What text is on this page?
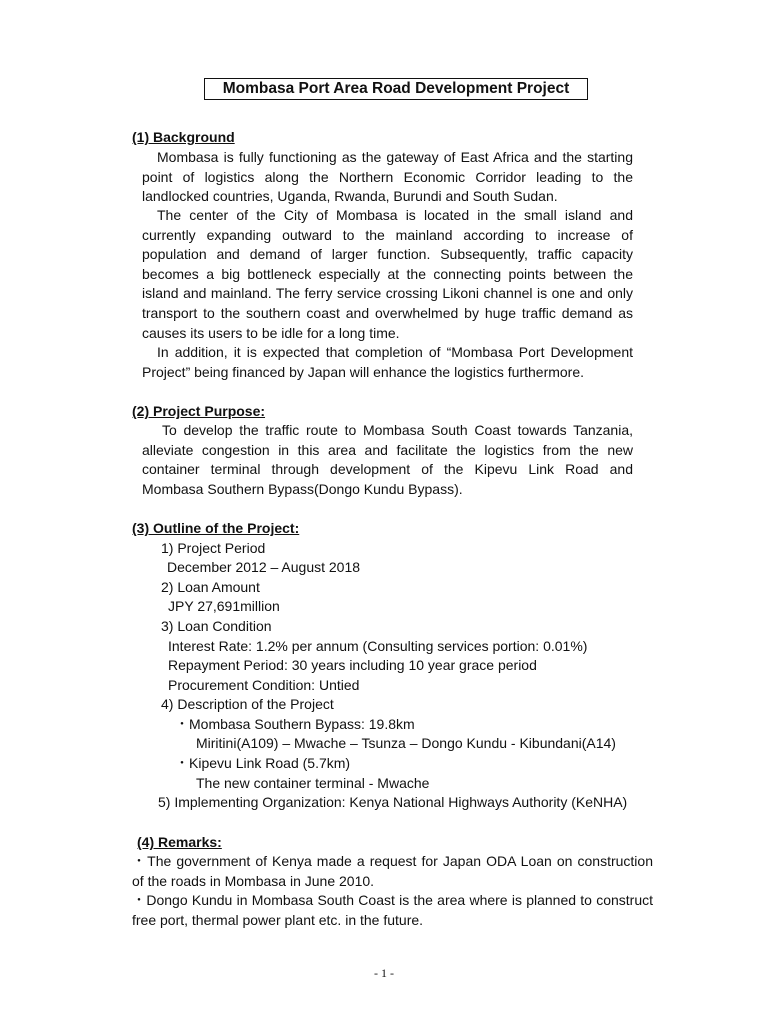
Mombasa Port Area Road Development Project
(1) Background

Mombasa is fully functioning as the gateway of East Africa and the starting point of logistics along the Northern Economic Corridor leading to the landlocked countries, Uganda, Rwanda, Burundi and South Sudan.

The center of the City of Mombasa is located in the small island and currently expanding outward to the mainland according to increase of population and demand of larger function. Subsequently, traffic capacity becomes a big bottleneck especially at the connecting points between the island and mainland. The ferry service crossing Likoni channel is one and only transport to the southern coast and overwhelmed by huge traffic demand as causes its users to be idle for a long time.

In addition, it is expected that completion of “Mombasa Port Development Project” being financed by Japan will enhance the logistics furthermore.

(2) Project Purpose:

To develop the traffic route to Mombasa South Coast towards Tanzania, alleviate congestion in this area and facilitate the logistics from the new container terminal through development of the Kipevu Link Road and Mombasa Southern Bypass(Dongo Kundu Bypass).

(3) Outline of the Project:
1) Project Period
December 2012 – August 2018
2) Loan Amount
JPY 27,691million
3) Loan Condition
Interest Rate: 1.2% per annum (Consulting services portion: 0.01%)
Repayment Period: 30 years including 10 year grace period
Procurement Condition: Untied
4) Description of the Project
・Mombasa Southern Bypass: 19.8km
Miritini(A109) – Mwache – Tsunza – Dongo Kundu - Kibundani(A14)
・Kipevu Link Road (5.7km)
The new container terminal - Mwache
5) Implementing Organization: Kenya National Highways Authority (KeNHA)
(4) Remarks:

・The government of Kenya made a request for Japan ODA Loan on construction of the roads in Mombasa in June 2010.

・Dongo Kundu in Mombasa South Coast is the area where is planned to construct free port, thermal power plant etc. in the future.

- 1 -
